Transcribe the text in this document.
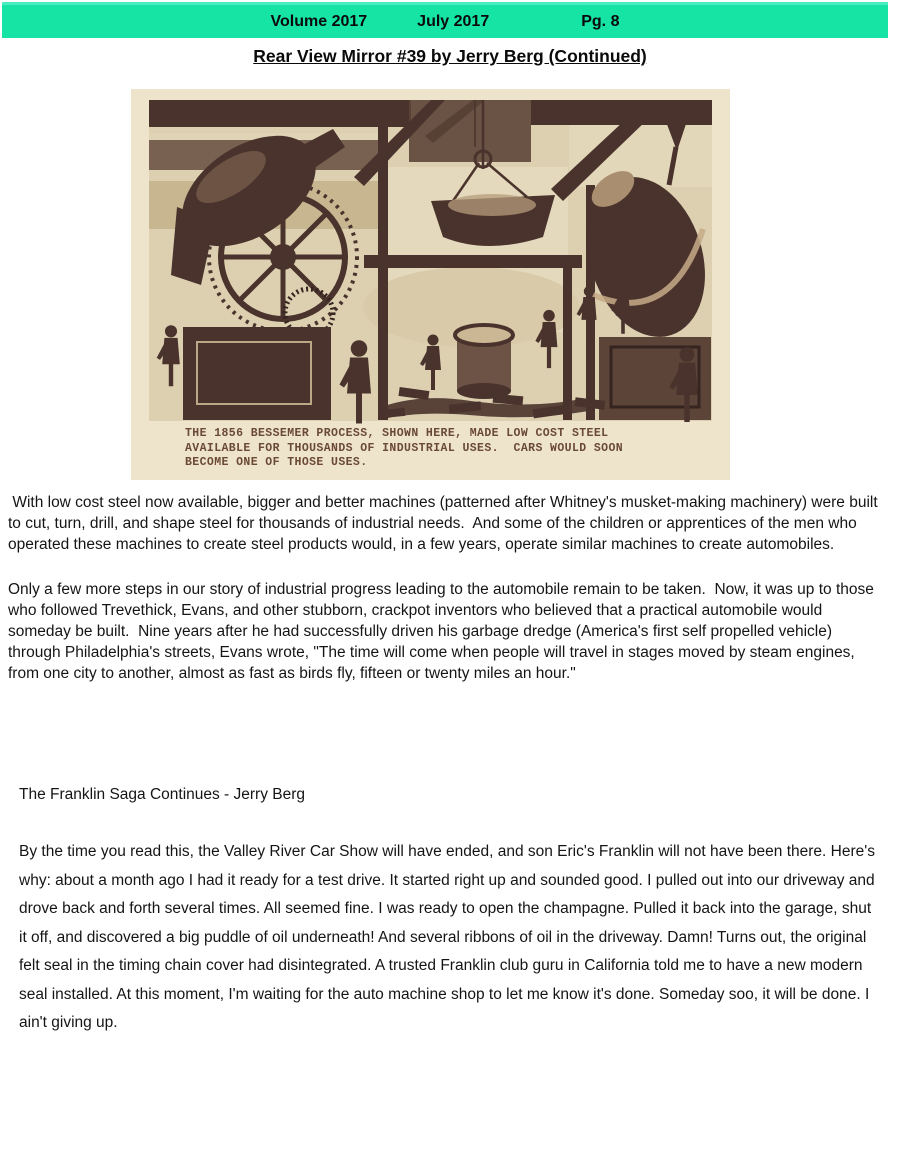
Volume 2017	July 2017	Pg. 8
Rear View Mirror #39 by Jerry Berg (Continued)
THE 1856 BESSEMER PROCESS, SHOWN HERE, MADE LOW COST STEEL
AVAILABLE FOR THOUSANDS OF INDUSTRIAL USES.  CARS WOULD SOON
BECOME ONE OF THOSE USES.

With low cost steel now available, bigger and better machines (patterned after Whitney's musket-making machinery) were built to cut, turn, drill, and shape steel for thousands of industrial needs.  And some of the children or apprentices of the men who operated these machines to create steel products would, in a few years, operate similar machines to create automobiles.

Only a few more steps in our story of industrial progress leading to the automobile remain to be taken.  Now, it was up to those who followed Trevethick, Evans, and other stubborn, crackpot inventors who believed that a practical automobile would someday be built.  Nine years after he had successfully driven his garbage dredge (America's first self propelled vehicle) through Philadelphia's streets, Evans wrote, "The time will come when people will travel in stages moved by steam engines, from one city to another, almost as fast as birds fly, fifteen or twenty miles an hour."

The Franklin Saga Continues - Jerry Berg

By the time you read this, the Valley River Car Show will have ended, and son Eric's Franklin will not have been there. Here's why: about a month ago I had it ready for a test drive. It started right up and sounded good. I pulled out into our driveway and drove back and forth several times. All seemed fine. I was ready to open the champagne. Pulled it back into the garage, shut it off, and discovered a big puddle of oil underneath! And several ribbons of oil in the driveway. Damn! Turns out, the original felt seal in the timing chain cover had disintegrated. A trusted Franklin club guru in California told me to have a new modern seal installed. At this moment, I'm waiting for the auto machine shop to let me know it's done. Someday soo, it will be done. I ain't giving up.
